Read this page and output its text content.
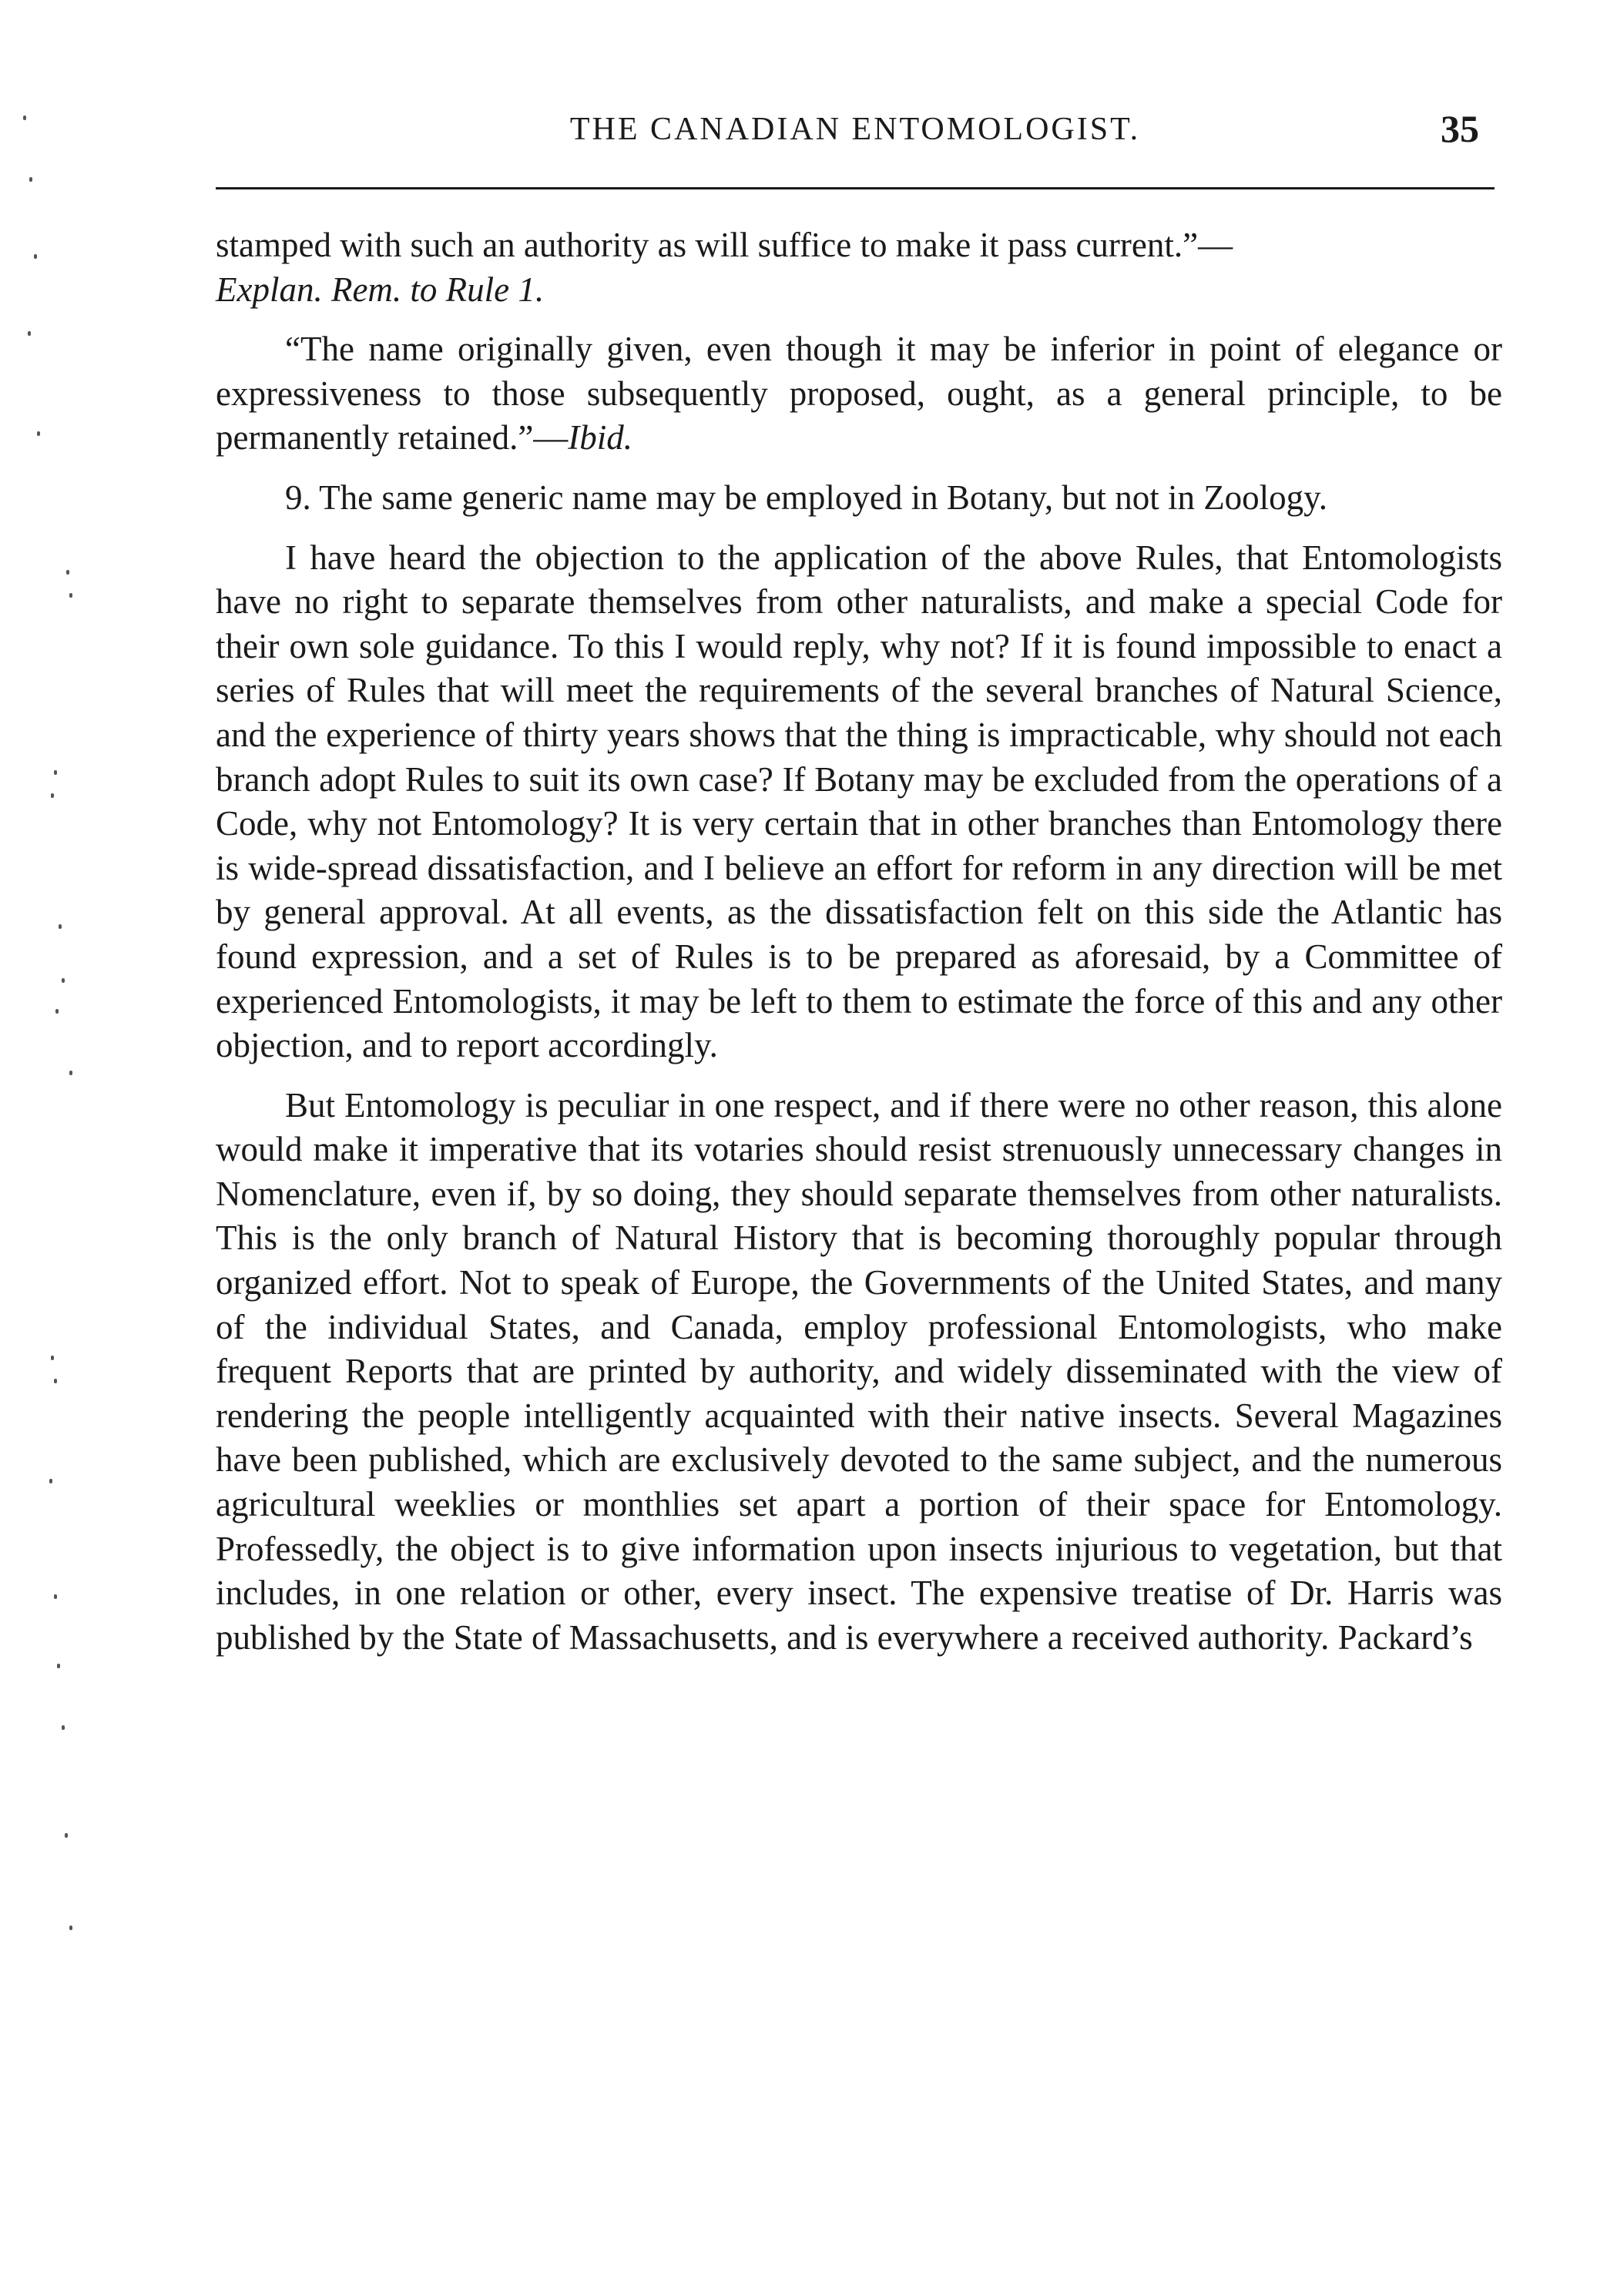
THE CANADIAN ENTOMOLOGIST.	35

stamped with such an authority as will suffice to make it pass current.”—
Explan. Rem. to Rule 1.

“The name originally given, even though it may be inferior in point of elegance or expressiveness to those subsequently proposed, ought, as a general principle, to be permanently retained.”—Ibid.

9. The same generic name may be employed in Botany, but not in Zoology.

I have heard the objection to the application of the above Rules, that Entomologists have no right to separate themselves from other naturalists, and make a special Code for their own sole guidance. To this I would reply, why not? If it is found impossible to enact a series of Rules that will meet the requirements of the several branches of Natural Science, and the experience of thirty years shows that the thing is impracticable, why should not each branch adopt Rules to suit its own case? If Botany may be excluded from the operations of a Code, why not Entomology? It is very certain that in other branches than Entomology there is wide-spread dissatisfaction, and I believe an effort for reform in any direction will be met by general approval. At all events, as the dissatisfaction felt on this side the Atlantic has found expression, and a set of Rules is to be prepared as aforesaid, by a Committee of experienced Entomologists, it may be left to them to estimate the force of this and any other objection, and to report accordingly.

But Entomology is peculiar in one respect, and if there were no other reason, this alone would make it imperative that its votaries should resist strenuously unnecessary changes in Nomenclature, even if, by so doing, they should separate themselves from other naturalists. This is the only branch of Natural History that is becoming thoroughly popular through organized effort. Not to speak of Europe, the Governments of the United States, and many of the individual States, and Canada, employ professional Entomologists, who make frequent Reports that are printed by authority, and widely disseminated with the view of rendering the people intelligently acquainted with their native insects. Several Magazines have been published, which are exclusively devoted to the same subject, and the numerous agricultural weeklies or monthlies set apart a portion of their space for Entomology. Professedly, the object is to give information upon insects injurious to vegetation, but that includes, in one relation or other, every insect. The expensive treatise of Dr. Harris was published by the State of Massachusetts, and is everywhere a received authority. Packard’s
